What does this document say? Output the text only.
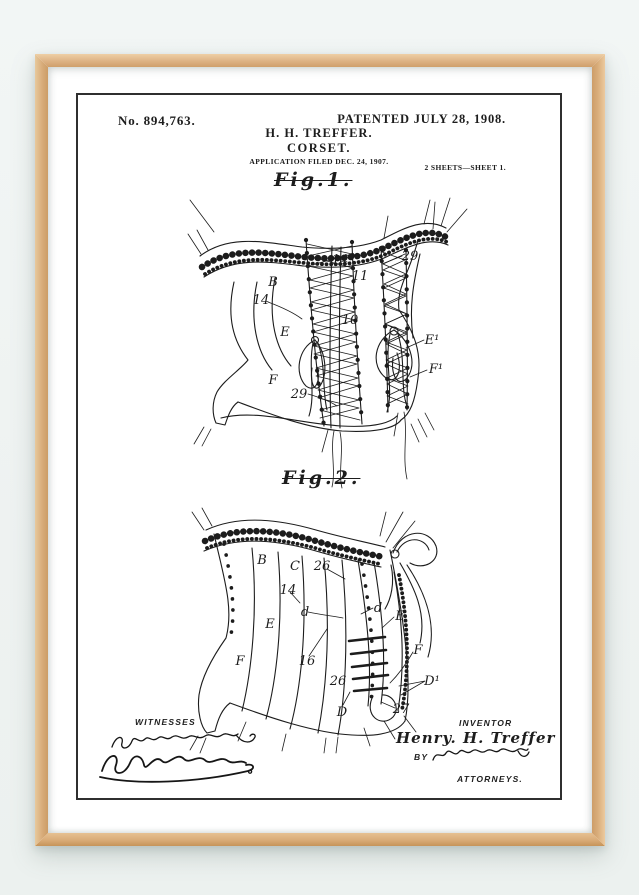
No. 894,763.	PATENTED JULY 28, 1908.
H. H. TREFFER.
CORSET.
APPLICATION FILED DEC. 24, 1907.
2 SHEETS—SHEET 1.
Fig.1.
29
B
14
14
11
10
E
F
29
E¹
F¹
Fig.2.
B C 26
14
d	d
E
E
F	16
26
F
D¹
27
D
WITNESSES	INVENTOR
Henry. H. Treffer
BY
ATTORNEYS.
